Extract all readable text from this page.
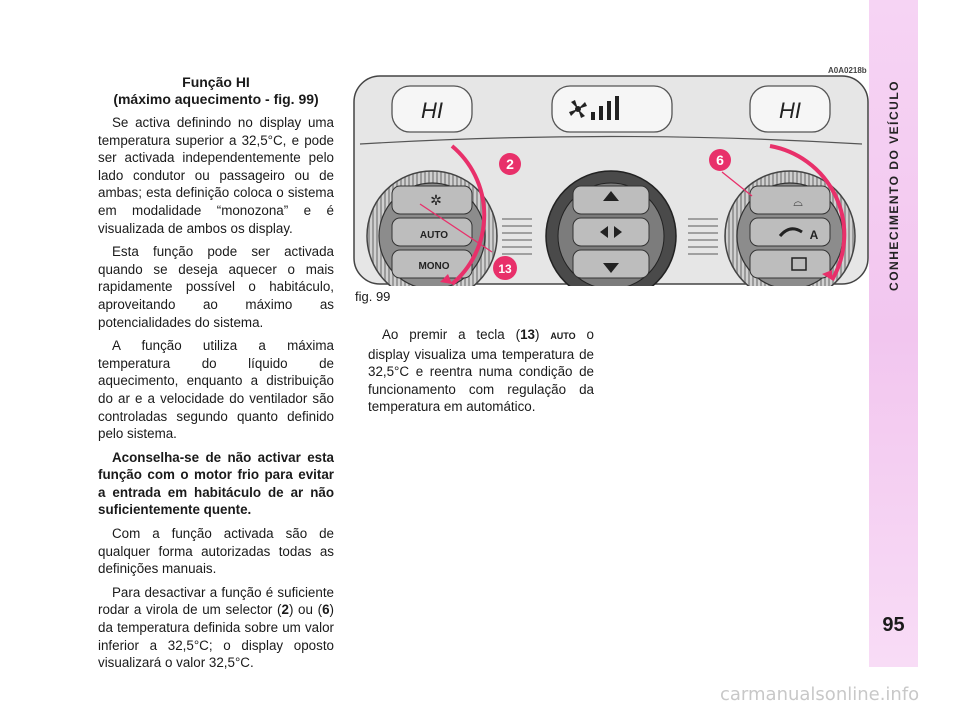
Função HI
(máximo aquecimento - fig. 99)

Se activa definindo no display uma temperatura superior a 32,5°C, e pode ser activada independentemente pelo lado condutor ou passageiro ou de ambas; esta definição coloca o sistema em modalidade “monozona” e é visualizada de ambos os display.

Esta função pode ser activada quando se deseja aquecer o mais rapidamente possível o habitáculo, aproveitando ao máximo as potencialidades do sistema.

A função utiliza a máxima temperatura do líquido de aquecimento, enquanto a distribuição do ar e a velocidade do ventilador são controladas segundo quanto definido pelo sistema.

Aconselha-se de não activar esta função com o motor frio para evitar a entrada em habitáculo de ar não suficientemente quente.

Com a função activada são de qualquer forma autorizadas todas as definições manuais.

Para desactivar a função é suficiente rodar a virola de um selector (2) ou (6) da temperatura definida sobre um valor inferior a 32,5°C; o display oposto visualizará o valor 32,5°C.

A0A0218b
HI	HI
✲
AUTO
MONO
⌓
A
2	6
13
fig. 99

Ao premir a tecla (13) AUTO o display visualiza uma temperatura de 32,5°C e reentra numa condição de funcionamento com regulação da temperatura em automático.

CONHECIMENTO DO VEÍCULO
95
carmanualsonline.info
